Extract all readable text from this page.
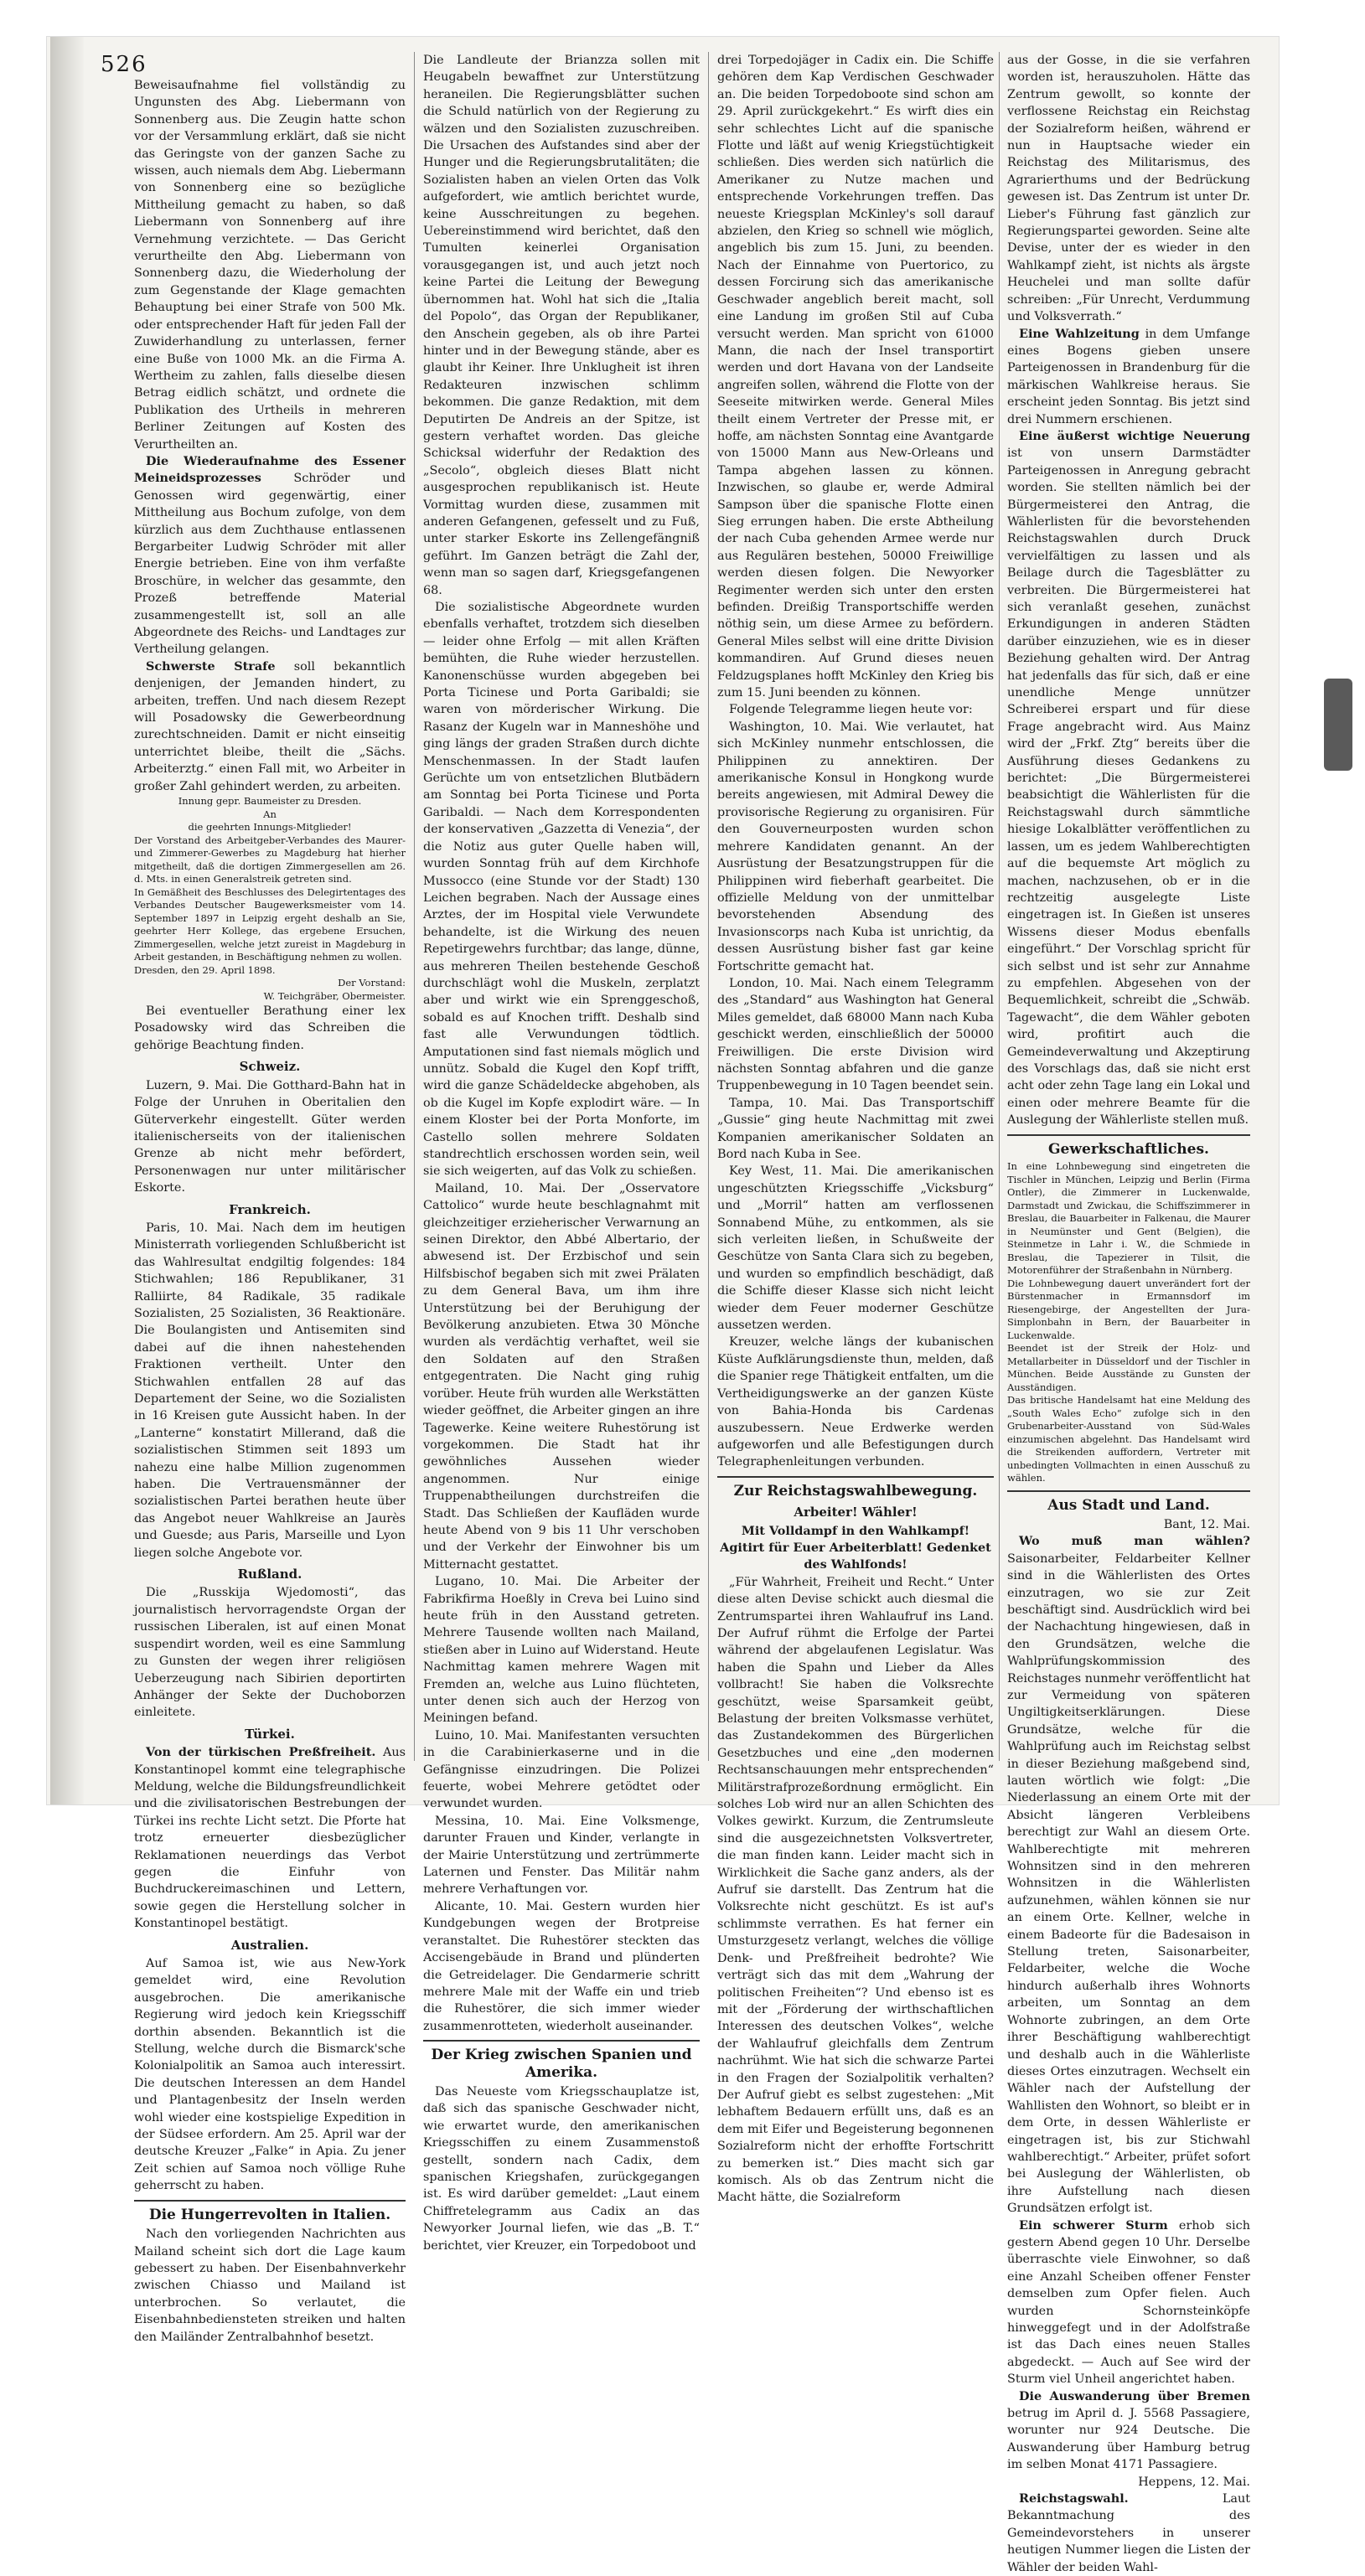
526

Beweisaufnahme fiel vollständig zu Ungunsten des Abg. Liebermann von Sonnenberg aus. Die Zeugin hatte schon vor der Versammlung erklärt, daß sie nicht das Geringste von der ganzen Sache zu wissen, auch niemals dem Abg. Liebermann von Sonnenberg eine so bezügliche Mittheilung gemacht zu haben, so daß Liebermann von Sonnenberg auf ihre Vernehmung verzichtete. — Das Gericht verurtheilte den Abg. Liebermann von Sonnenberg dazu, die Wiederholung der zum Gegenstande der Klage gemachten Behauptung bei einer Strafe von 500 Mk. oder entsprechender Haft für jeden Fall der Zuwiderhandlung zu unterlassen, ferner eine Buße von 1000 Mk. an die Firma A. Wertheim zu zahlen, falls dieselbe diesen Betrag eidlich schätzt, und ordnete die Publikation des Urtheils in mehreren Berliner Zeitungen auf Kosten des Verurtheilten an.

Die Wiederaufnahme des Essener Meineidsprozesses	Schröder und Genossen wird gegenwärtig, einer Mittheilung aus Bochum zufolge, von dem kürzlich aus dem Zuchthause entlassenen Bergarbeiter Ludwig Schröder mit aller Energie betrieben. Eine von ihm verfaßte Broschüre, in welcher das gesammte, den Prozeß betreffende Material zusammengestellt ist, soll an alle Abgeordnete des Reichs- und Landtages zur Vertheilung gelangen.

Schwerste Strafe soll bekanntlich denjenigen, der Jemanden hindert, zu arbeiten, treffen. Und nach diesem Rezept will Posadowsky die Gewerbeordnung zurechtschneiden. Damit er nicht einseitig unterrichtet bleibe, theilt die „Sächs. Arbeiterztg.“ einen Fall mit, wo Arbeiter in großer Zahl gehindert werden, zu arbeiten.

Innung gepr. Baumeister zu Dresden.

An

die geehrten Innungs-Mitglieder!

Der Vorstand des Arbeitgeber-Verbandes des Maurer- und Zimmerer-Gewerbes zu Magdeburg hat hierher mitgetheilt, daß die dortigen Zimmergesellen am 26. d. Mts. in einen Generalstreik getreten sind.

In Gemäßheit des Beschlusses des Delegirtentages des Verbandes Deutscher Baugewerksmeister vom 14. September 1897 in Leipzig ergeht deshalb an Sie, geehrter Herr Kollege, das ergebene Ersuchen, Zimmergesellen, welche jetzt zureist in Magdeburg in Arbeit gestanden, in Beschäftigung nehmen zu wollen.

Dresden, den 29. April 1898.

Der Vorstand:

W. Teichgräber, Obermeister.

Bei eventueller Berathung einer lex Posadowsky wird das Schreiben die gehörige Beachtung finden.

Schweiz.

Luzern, 9. Mai. Die Gotthard-Bahn hat in Folge der Unruhen in Oberitalien den Güterverkehr eingestellt. Güter werden italienischerseits von der italienischen Grenze ab nicht mehr befördert, Personenwagen nur unter militärischer Eskorte.

Frankreich.

Paris, 10. Mai. Nach dem im heutigen Ministerrath vorliegenden Schlußbericht ist das Wahlresultat endgiltig folgendes: 184 Stichwahlen; 186 Republikaner, 31 Ralliirte, 84 Radikale, 35 radikale Sozialisten, 25 Sozialisten, 36 Reaktionäre. Die Boulangisten und Antisemiten sind dabei auf die ihnen nahestehenden Fraktionen vertheilt. Unter den Stichwahlen entfallen 28 auf das Departement der Seine, wo die Sozialisten in 16 Kreisen gute Aussicht haben. In der „Lanterne“ konstatirt Millerand, daß die sozialistischen Stimmen seit 1893 um nahezu eine halbe Million zugenommen haben. Die Vertrauensmänner der sozialistischen Partei berathen heute über das Angebot neuer Wahlkreise an Jaurès und Guesde; aus Paris, Marseille und Lyon liegen solche Angebote vor.

Rußland.

Die „Russkija Wjedomosti“, das journalistisch hervorragendste Organ der russischen Liberalen, ist auf einen Monat suspendirt worden, weil es eine Sammlung zu Gunsten der wegen ihrer religiösen Ueberzeugung nach Sibirien deportirten Anhänger der Sekte der Duchoborzen einleitete.

Türkei.

Von der türkischen Preßfreiheit. Aus Konstantinopel kommt eine telegraphische Meldung, welche die Bildungsfreundlichkeit und die zivilisatorischen Bestrebungen der Türkei ins rechte Licht setzt. Die Pforte hat trotz erneuerter diesbezüglicher Reklamationen neuerdings das Verbot gegen die Einfuhr von Buchdruckereimaschinen und Lettern, sowie gegen die Herstellung solcher in Konstantinopel bestätigt.

Australien.

Auf Samoa ist, wie aus New-York gemeldet wird, eine Revolution ausgebrochen. Die amerikanische Regierung wird jedoch kein Kriegsschiff dorthin absenden. Bekanntlich ist die Stellung, welche durch die Bismarck'sche Kolonialpolitik an Samoa auch interessirt. Die deutschen Interessen an dem Handel und Plantagenbesitz der Inseln werden wohl wieder eine kostspielige Expedition in der Südsee erfordern. Am 25. April war der deutsche Kreuzer „Falke“ in Apia. Zu jener Zeit schien auf Samoa noch völlige Ruhe geherrscht zu haben.

Die Hungerrevolten in Italien.

Nach den vorliegenden Nachrichten aus Mailand scheint sich dort die Lage kaum gebessert zu haben. Der Eisenbahnverkehr zwischen Chiasso und Mailand ist unterbrochen. So verlautet, die Eisenbahnbediensteten streiken und halten den Mailänder Zentralbahnhof besetzt.

Die Landleute der Brianzza sollen mit Heugabeln bewaffnet zur Unterstützung heraneilen. Die Regierungsblätter suchen die Schuld natürlich von der Regierung zu wälzen und den Sozialisten zuzuschreiben. Die Ursachen des Aufstandes sind aber der Hunger und die Regierungsbrutalitäten; die Sozialisten haben an vielen Orten das Volk aufgefordert, wie amtlich berichtet wurde, keine Ausschreitungen zu begehen. Uebereinstimmend wird berichtet, daß den Tumulten keinerlei Organisation vorausgegangen ist, und auch jetzt noch keine Partei die Leitung der Bewegung übernommen hat. Wohl hat sich die „Italia del Popolo“, das Organ der Republikaner, den Anschein gegeben, als ob ihre Partei hinter und in der Bewegung stände, aber es glaubt ihr Keiner. Ihre Unklugheit ist ihren Redakteuren inzwischen schlimm bekommen. Die ganze Redaktion, mit dem Deputirten De Andreis an der Spitze, ist gestern verhaftet worden. Das gleiche Schicksal widerfuhr der Redaktion des „Secolo“, obgleich dieses Blatt nicht ausgesprochen republikanisch ist. Heute Vormittag wurden diese, zusammen mit anderen Gefangenen, gefesselt und zu Fuß, unter starker Eskorte ins Zellengefängniß geführt. Im Ganzen beträgt die Zahl der, wenn man so sagen darf, Kriegsgefangenen 68.

Die sozialistische Abgeordnete wurden ebenfalls verhaftet, trotzdem sich dieselben — leider ohne Erfolg — mit allen Kräften bemühten, die Ruhe wieder herzustellen. Kanonenschüsse wurden abgegeben bei Porta Ticinese und Porta Garibaldi; sie waren von mörderischer Wirkung. Die Rasanz der Kugeln war in Manneshöhe und ging längs der graden Straßen durch dichte Menschenmassen. In der Stadt laufen Gerüchte um von entsetzlichen Blutbädern am Sonntag bei Porta Ticinese und Porta Garibaldi. — Nach dem Korrespondenten der konservativen „Gazzetta di Venezia“, der die Notiz aus guter Quelle haben will, wurden Sonntag früh auf dem Kirchhofe Mussocco (eine Stunde vor der Stadt) 130 Leichen begraben. Nach der Aussage eines Arztes, der im Hospital viele Verwundete behandelte, ist die Wirkung des neuen Repetirgewehrs furchtbar; das lange, dünne, aus mehreren Theilen bestehende Geschoß durchschlägt wohl die Muskeln, zerplatzt aber und wirkt wie ein Sprenggeschoß, sobald es auf Knochen trifft. Deshalb sind fast alle Verwundungen tödtlich. Amputationen sind fast niemals möglich und unnütz. Sobald die Kugel den Kopf trifft, wird die ganze Schädeldecke abgehoben, als ob die Kugel im Kopfe explodirt wäre. — In einem Kloster bei der Porta Monforte, im Castello sollen mehrere Soldaten standrechtlich erschossen worden sein, weil sie sich weigerten, auf das Volk zu schießen.

Mailand, 10. Mai. Der „Osservatore Cattolico“ wurde heute beschlagnahmt mit gleichzeitiger erzieherischer Verwarnung an seinen Direktor, den Abbé Albertario, der abwesend ist. Der Erzbischof und sein Hilfsbischof begaben sich mit zwei Prälaten zu dem General Bava, um ihm ihre Unterstützung bei der Beruhigung der Bevölkerung anzubieten. Etwa 30 Mönche wurden als verdächtig verhaftet, weil sie den Soldaten auf den Straßen entgegentraten. Die Nacht ging ruhig vorüber. Heute früh wurden alle Werkstätten wieder geöffnet, die Arbeiter gingen an ihre Tagewerke. Keine weitere Ruhestörung ist vorgekommen. Die Stadt hat ihr gewöhnliches Aussehen wieder angenommen. Nur einige Truppenabtheilungen durchstreifen die Stadt. Das Schließen der Kaufläden wurde heute Abend von 9 bis 11 Uhr verschoben und der Verkehr der Einwohner bis um Mitternacht gestattet.

Lugano, 10. Mai. Die Arbeiter der Fabrikfirma Hoeßly in Creva bei Luino sind heute früh in den Ausstand getreten. Mehrere Tausende wollten nach Mailand, stießen aber in Luino auf Widerstand. Heute Nachmittag kamen mehrere Wagen mit Fremden an, welche aus Luino flüchteten, unter denen sich auch der Herzog von Meiningen befand.

Luino, 10. Mai. Manifestanten versuchten in die Carabinierkaserne und in die Gefängnisse einzudringen. Die Polizei feuerte, wobei Mehrere getödtet oder verwundet wurden.

Messina, 10. Mai. Eine Volksmenge, darunter Frauen und Kinder, verlangte in der Mairie Unterstützung und zertrümmerte Laternen und Fenster. Das Militär nahm mehrere Verhaftungen vor.

Alicante, 10. Mai. Gestern wurden hier Kundgebungen wegen der Brotpreise veranstaltet. Die Ruhestörer steckten das Accisengebäude in Brand und plünderten die Getreidelager. Die Gendarmerie schritt mehrere Male mit der Waffe ein und trieb die Ruhestörer, die sich immer wieder zusammenrotteten, wiederholt auseinander.

Der Krieg zwischen Spanien und Amerika.

Das Neueste vom Kriegsschauplatze ist, daß sich das spanische Geschwader nicht, wie erwartet wurde, den amerikanischen Kriegsschiffen zu einem Zusammenstoß gestellt, sondern nach Cadix, dem spanischen Kriegshafen, zurückgegangen ist. Es wird darüber gemeldet: „Laut einem Chiffretelegramm aus Cadix an das Newyorker Journal liefen, wie das „B. T.“ berichtet, vier Kreuzer, ein Torpedoboot und

drei Torpedojäger in Cadix ein. Die Schiffe gehören dem Kap Verdischen Geschwader an. Die beiden Torpedoboote sind schon am 29. April zurückgekehrt.“ Es wirft dies ein sehr schlechtes Licht auf die spanische Flotte und läßt auf wenig Kriegstüchtigkeit schließen. Dies werden sich natürlich die Amerikaner zu Nutze machen und entsprechende Vorkehrungen treffen. Das neueste Kriegsplan McKinley's soll darauf abzielen, den Krieg so schnell wie möglich, angeblich bis zum 15. Juni, zu beenden. Nach der Einnahme von Puertorico, zu dessen Forcirung sich das amerikanische Geschwader angeblich bereit macht, soll eine Landung im großen Stil auf Cuba versucht werden. Man spricht von 61000 Mann, die nach der Insel transportirt werden und dort Havana von der Landseite angreifen sollen, während die Flotte von der Seeseite mitwirken werde. General Miles theilt einem Vertreter der Presse mit, er hoffe, am nächsten Sonntag eine Avantgarde von 15000 Mann aus New-Orleans und Tampa abgehen lassen zu können. Inzwischen, so glaube er, werde Admiral Sampson über die spanische Flotte einen Sieg errungen haben. Die erste Abtheilung der nach Cuba gehenden Armee werde nur aus Regulären bestehen, 50000 Freiwillige werden diesen folgen. Die Newyorker Regimenter werden sich unter den ersten befinden. Dreißig Transportschiffe werden nöthig sein, um diese Armee zu befördern. General Miles selbst will eine dritte Division kommandiren. Auf Grund dieses neuen Feldzugsplanes hofft McKinley den Krieg bis zum 15. Juni beenden zu können.

Folgende Telegramme liegen heute vor:

Washington, 10. Mai. Wie verlautet, hat sich McKinley nunmehr entschlossen, die Philippinen zu annektiren. Der amerikanische Konsul in Hongkong wurde bereits angewiesen, mit Admiral Dewey die provisorische Regierung zu organisiren. Für den Gouverneurposten wurden schon mehrere Kandidaten genannt. An der Ausrüstung der Besatzungstruppen für die Philippinen wird fieberhaft gearbeitet. Die offizielle Meldung von der unmittelbar bevorstehenden Absendung des Invasionscorps nach Kuba ist unrichtig, da dessen Ausrüstung bisher fast gar keine Fortschritte gemacht hat.

London, 10. Mai. Nach einem Telegramm des „Standard“ aus Washington hat General Miles gemeldet, daß 68000 Mann nach Kuba geschickt werden, einschließlich der 50000 Freiwilligen. Die erste Division wird nächsten Sonntag abfahren und die ganze Truppenbewegung in 10 Tagen beendet sein.

Tampa, 10. Mai. Das Transportschiff „Gussie“ ging heute Nachmittag mit zwei Kompanien amerikanischer Soldaten an Bord nach Kuba in See.

Key West, 11. Mai. Die amerikanischen ungeschützten Kriegsschiffe „Vicksburg“ und „Morril“ hatten am verflossenen Sonnabend Mühe, zu entkommen, als sie sich verleiten ließen, in Schußweite der Geschütze von Santa Clara sich zu begeben, und wurden so empfindlich beschädigt, daß die Schiffe dieser Klasse sich nicht leicht wieder dem Feuer moderner Geschütze aussetzen werden.

Kreuzer, welche längs der kubanischen Küste Aufklärungsdienste thun, melden, daß die Spanier rege Thätigkeit entfalten, um die Vertheidigungswerke an der ganzen Küste von Bahia-Honda bis Cardenas auszubessern. Neue Erdwerke werden aufgeworfen und alle Befestigungen durch Telegraphenleitungen verbunden.

Zur Reichstagswahlbewegung.
Arbeiter! Wähler!

Mit Volldampf in den Wahlkampf! Agitirt für Euer Arbeiterblatt! Gedenket des Wahlfonds!

„Für Wahrheit, Freiheit und Recht.“ Unter diese alten Devise schickt auch diesmal die Zentrumspartei ihren Wahlaufruf ins Land. Der Aufruf rühmt die Erfolge der Partei während der abgelaufenen Legislatur. Was haben die Spahn und Lieber da Alles vollbracht! Sie haben die Volksrechte geschützt, weise Sparsamkeit geübt, Belastung der breiten Volksmasse verhütet, das Zustandekommen des Bürgerlichen Gesetzbuches und eine „den modernen Rechtsanschauungen mehr entsprechenden“ Militärstrafprozeßordnung ermöglicht. Ein solches Lob wird nur an allen Schichten des Volkes gewirkt. Kurzum, die Zentrumsleute sind die ausgezeichnetsten Volksvertreter, die man finden kann. Leider macht sich in Wirklichkeit die Sache ganz anders, als der Aufruf sie darstellt. Das Zentrum hat die Volksrechte nicht geschützt. Es ist auf's schlimmste verrathen. Es hat ferner ein Umsturzgesetz verlangt, welches die völlige Denk- und Preßfreiheit bedrohte? Wie verträgt sich das mit dem „Wahrung der politischen Freiheiten“? Und ebenso ist es mit der „Förderung der wirthschaftlichen Interessen des deutschen Volkes“, welche der Wahlaufruf gleichfalls dem Zentrum nachrühmt. Wie hat sich die schwarze Partei in den Fragen der Sozialpolitik verhalten? Der Aufruf giebt es selbst zugestehen: „Mit lebhaftem Bedauern erfüllt uns, daß es an dem mit Eifer und Begeisterung begonnenen Sozialreform nicht der erhoffte Fortschritt zu bemerken ist.“ Dies macht sich gar komisch. Als ob das Zentrum nicht die Macht hätte, die Sozialreform

aus der Gosse, in die sie verfahren worden ist, herauszuholen. Hätte das Zentrum gewollt, so konnte der verflossene Reichstag ein Reichstag der Sozialreform heißen, während er nun in Hauptsache wieder ein Reichstag des Militarismus, des Agrarierthums und der Bedrückung gewesen ist. Das Zentrum ist unter Dr. Lieber's Führung fast gänzlich zur Regierungspartei geworden. Seine alte Devise, unter der es wieder in den Wahlkampf zieht, ist nichts als ärgste Heuchelei und man sollte dafür schreiben: „Für Unrecht, Verdummung und Volksverrath.“

Eine Wahlzeitung in dem Umfange eines Bogens gieben unsere Parteigenossen in Brandenburg für die märkischen Wahlkreise heraus. Sie erscheint jeden Sonntag. Bis jetzt sind drei Nummern erschienen.

Eine äußerst wichtige Neuerung ist von unsern Darmstädter Parteigenossen in Anregung gebracht worden. Sie stellten nämlich bei der Bürgermeisterei den Antrag, die Wählerlisten für die bevorstehenden Reichstagswahlen durch Druck vervielfältigen zu lassen und als Beilage durch die Tagesblätter zu verbreiten. Die Bürgermeisterei hat sich veranlaßt gesehen, zunächst Erkundigungen in anderen Städten darüber einzuziehen, wie es in dieser Beziehung gehalten wird. Der Antrag hat jedenfalls das für sich, daß er eine unendliche Menge unnützer Schreiberei erspart und für diese Frage angebracht wird. Aus Mainz wird der „Frkf. Ztg“ bereits über die Ausführung dieses Gedankens zu berichtet: „Die Bürgermeisterei beabsichtigt die Wählerlisten für die Reichstagswahl durch sämmtliche hiesige Lokalblätter veröffentlichen zu lassen, um es jedem Wahlberechtigten auf die bequemste Art möglich zu machen, nachzusehen, ob er in die rechtzeitig ausgelegte Liste eingetragen ist. In Gießen ist unseres Wissens dieser Modus ebenfalls eingeführt.“ Der Vorschlag spricht für sich selbst und ist sehr zur Annahme zu empfehlen. Abgesehen von der Bequemlichkeit, schreibt die „Schwäb. Tagewacht“, die dem Wähler geboten wird, profitirt auch die Gemeindeverwaltung und Akzeptirung des Vorschlags das, daß sie nicht erst acht oder zehn Tage lang ein Lokal und einen oder mehrere Beamte für die Auslegung der Wählerliste stellen muß.

Gewerkschaftliches.

In eine Lohnbewegung sind eingetreten die Tischler in München, Leipzig und Berlin (Firma Ontler), die Zimmerer in Luckenwalde, Darmstadt und Zwickau, die Schiffszimmerer in Breslau, die Bauarbeiter in Falkenau, die Maurer in Neumünster und Gent (Belgien), die Steinmetze in Lahr i. W., die Schmiede in Breslau, die Tapezierer in Tilsit, die Motorenführer der Straßenbahn in Nürnberg.

Die Lohnbewegung dauert unverändert fort der Bürstenmacher in Ermannsdorf im Riesengebirge, der Angestellten der Jura-Simplonbahn in Bern, der Bauarbeiter in Luckenwalde.

Beendet ist der Streik der Holz- und Metallarbeiter in Düsseldorf und der Tischler in München. Beide Ausstände zu Gunsten der Ausständigen.

Das britische Handelsamt hat eine Meldung des „South Wales Echo“ zufolge sich in den Grubenarbeiter-Ausstand von Süd-Wales einzumischen abgelehnt. Das Handelsamt wird die Streikenden auffordern, Vertreter mit unbedingten Vollmachten in einen Ausschuß zu wählen.

Aus Stadt und Land.

Bant, 12. Mai.

Wo muß man wählen? Saisonarbeiter, Feldarbeiter Kellner sind in die Wählerlisten des Ortes einzutragen, wo sie zur Zeit beschäftigt sind. Ausdrücklich wird bei der Nachachtung hingewiesen, daß in den Grundsätzen, welche die Wahlprüfungskommission des Reichstages nunmehr veröffentlicht hat zur Vermeidung von späteren Ungiltigkeitserklärungen. Diese Grundsätze, welche für die Wahlprüfung auch im Reichstag selbst in dieser Beziehung maßgebend sind, lauten wörtlich wie folgt: „Die Niederlassung an einem Orte mit der Absicht längeren Verbleibens berechtigt zur Wahl an diesem Orte. Wahlberechtigte mit mehreren Wohnsitzen sind in den mehreren Wohnsitzen in die Wählerlisten aufzunehmen, wählen können sie nur an einem Orte. Kellner, welche in einem Badeorte für die Badesaison in Stellung treten, Saisonarbeiter, Feldarbeiter, welche die Woche hindurch außerhalb ihres Wohnorts arbeiten, um Sonntag an dem Wohnorte zubringen, an dem Orte ihrer Beschäftigung wahlberechtigt und deshalb auch in die Wählerliste dieses Ortes einzutragen. Wechselt ein Wähler nach der Aufstellung der Wahllisten den Wohnort, so bleibt er in dem Orte, in dessen Wählerliste er eingetragen ist, bis zur Stichwahl wahlberechtigt.“ Arbeiter, prüfet sofort bei Auslegung der Wählerlisten, ob ihre Aufstellung nach diesen Grundsätzen erfolgt ist.

Ein schwerer Sturm erhob sich gestern Abend gegen 10 Uhr. Derselbe überraschte viele Einwohner, so daß eine Anzahl Scheiben offener Fenster demselben zum Opfer fielen. Auch wurden Schornsteinköpfe hinweggefegt und in der Adolfstraße ist das Dach eines neuen Stalles abgedeckt. — Auch auf See wird der Sturm viel Unheil angerichtet haben.

Die Auswanderung über Bremen betrug im April d. J. 5568 Passagiere, worunter nur 924 Deutsche. Die Auswanderung über Hamburg betrug im selben Monat 4171 Passagiere.

Heppens, 12. Mai.

Reichstagswahl.	Laut Bekanntmachung des Gemeindevorstehers in unserer heutigen Nummer liegen die Listen der Wähler der beiden Wahl-
